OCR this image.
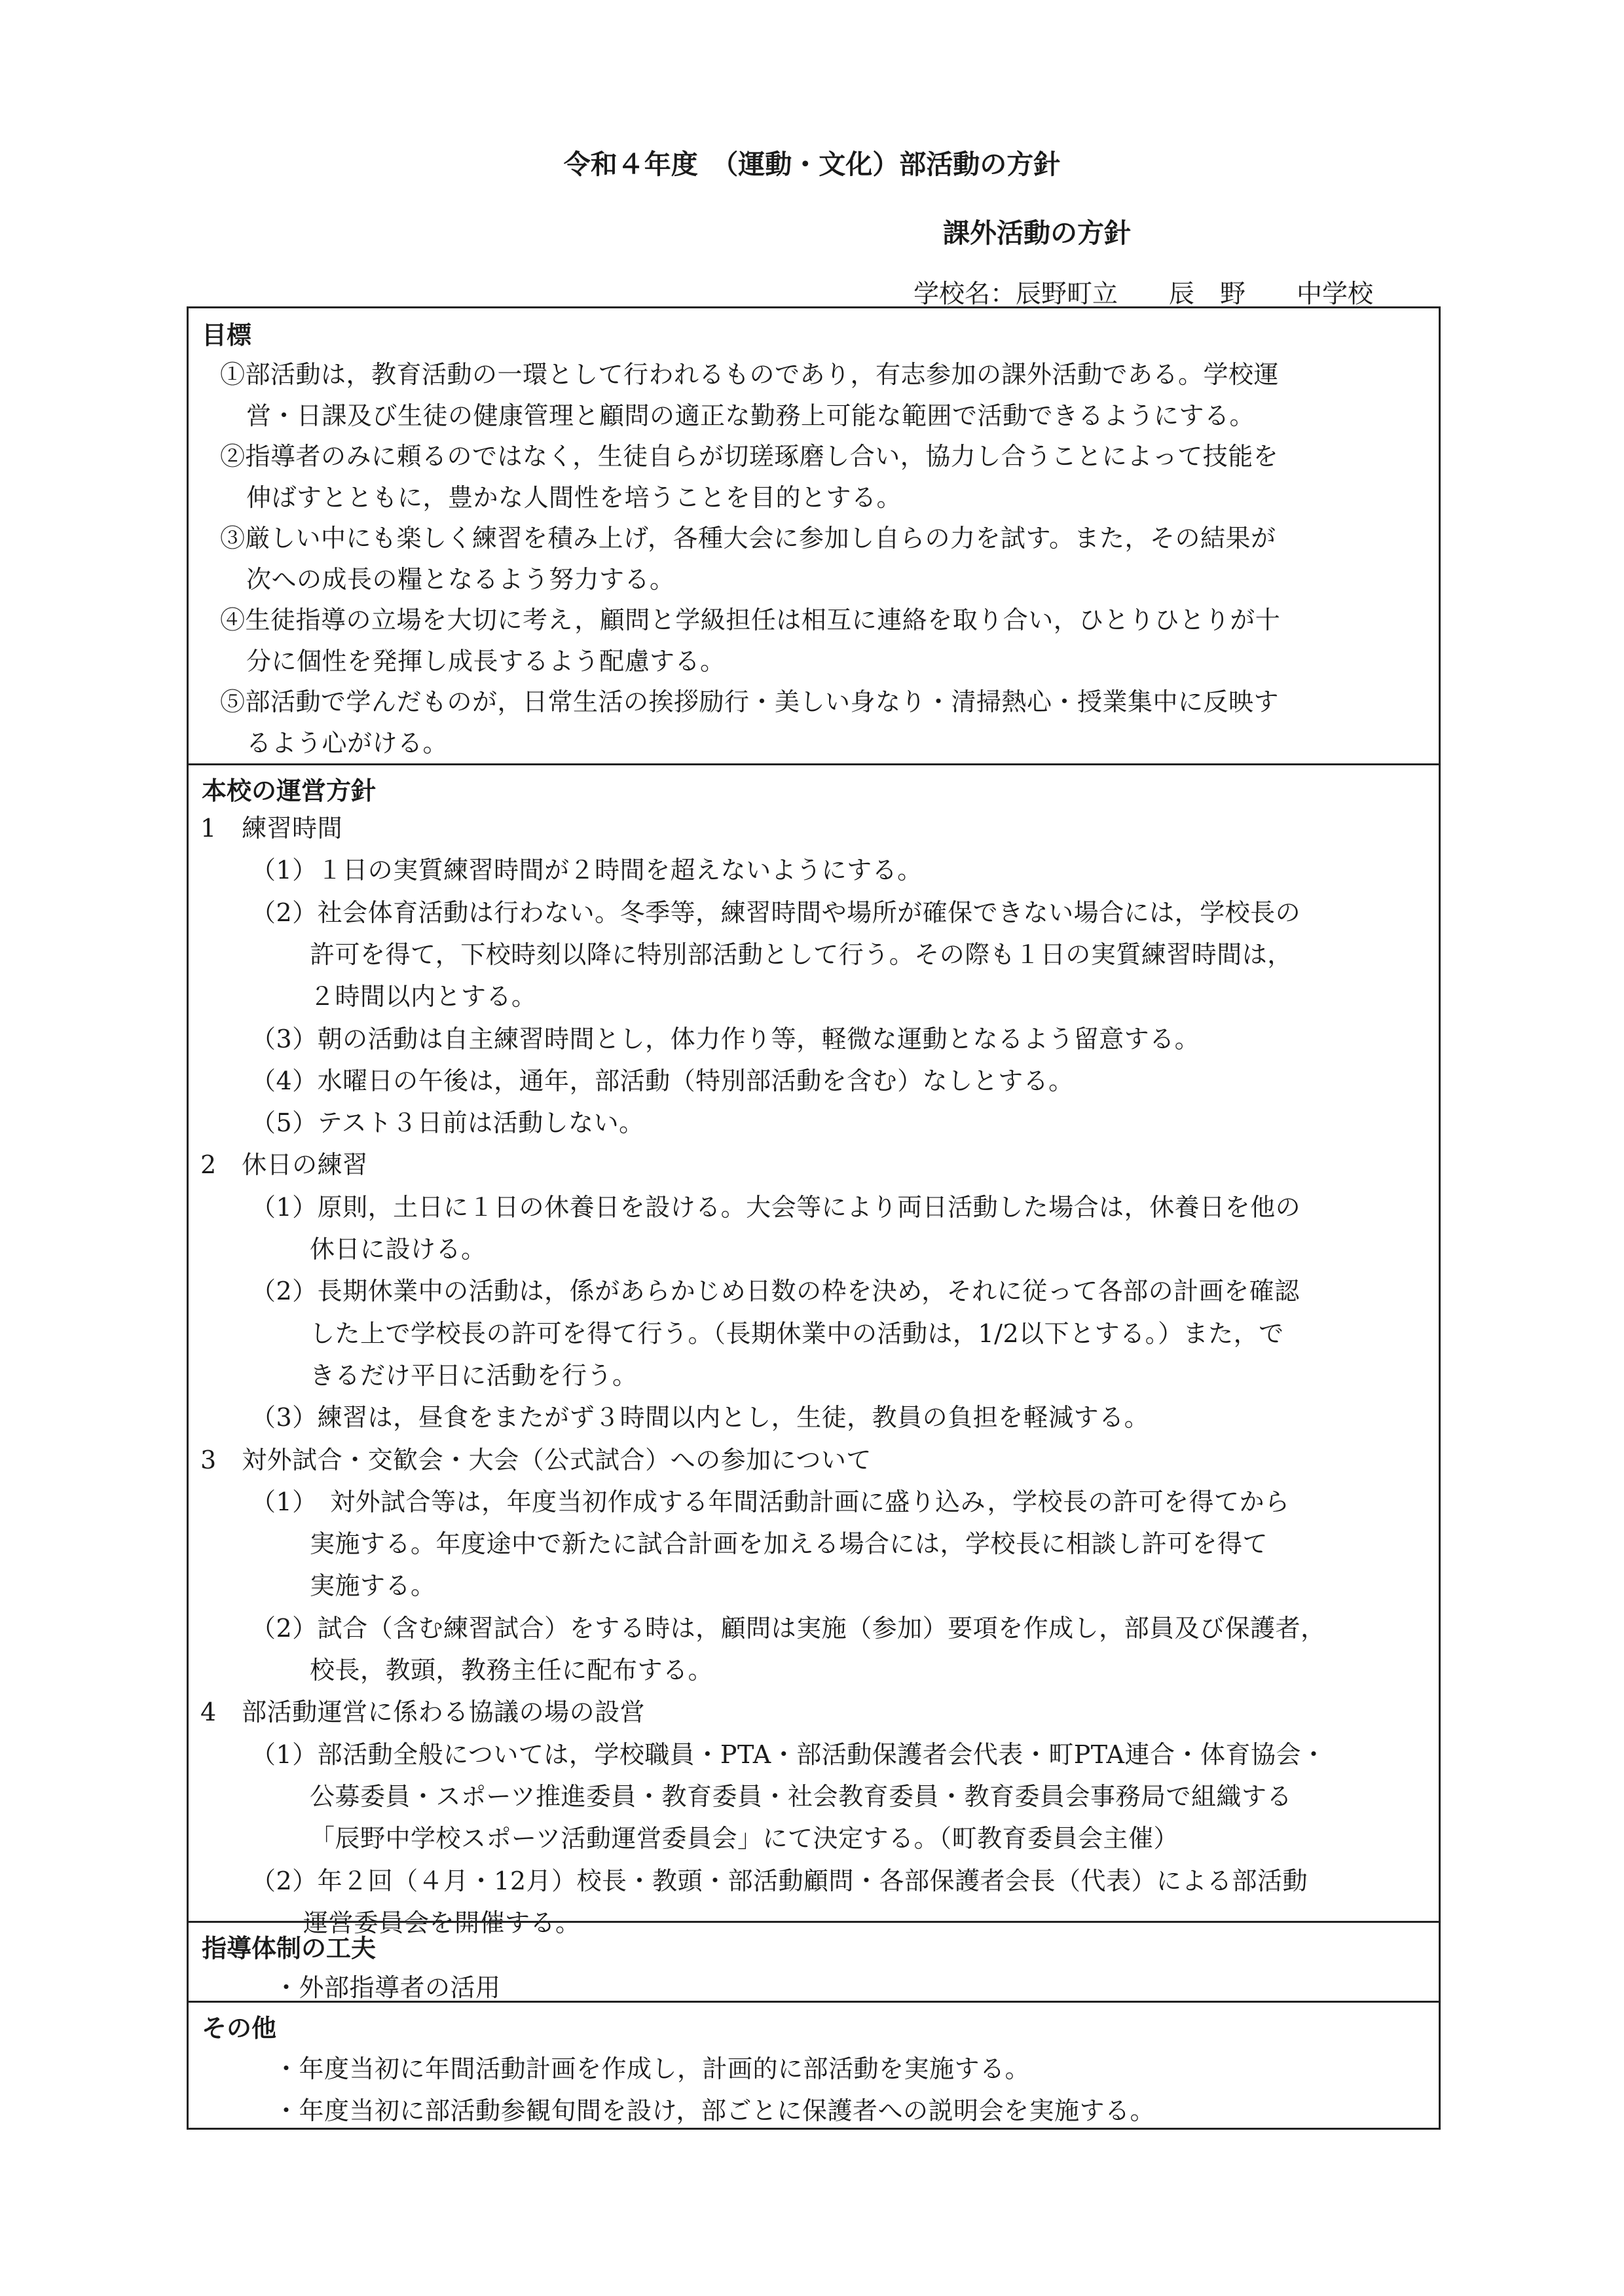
令和４年度　（運動・文化）部活動の方針
課外活動の方針
学校名：辰野町立　　辰　野　　中学校
目標
①部活動は，教育活動の一環として行われるものであり，有志参加の課外活動である。学校運
営・日課及び生徒の健康管理と顧問の適正な勤務上可能な範囲で活動できるようにする。
②指導者のみに頼るのではなく，生徒自らが切瑳琢磨し合い，協力し合うことによって技能を
伸ばすとともに，豊かな人間性を培うことを目的とする。
③厳しい中にも楽しく練習を積み上げ，各種大会に参加し自らの力を試す。また，その結果が
次への成長の糧となるよう努力する。
④生徒指導の立場を大切に考え，顧問と学級担任は相互に連絡を取り合い，ひとりひとりが十
分に個性を発揮し成長するよう配慮する。
⑤部活動で学んだものが，日常生活の挨拶励行・美しい身なり・清掃熱心・授業集中に反映す
るよう心がける。
本校の運営方針
1　練習時間
（1）１日の実質練習時間が２時間を超えないようにする。
（2）社会体育活動は行わない。冬季等，練習時間や場所が確保できない場合には，学校長の
許可を得て，下校時刻以降に特別部活動として行う。その際も１日の実質練習時間は，
２時間以内とする。
（3）朝の活動は自主練習時間とし，体力作り等，軽微な運動となるよう留意する。
（4）水曜日の午後は，通年，部活動（特別部活動を含む）なしとする。
（5）テスト３日前は活動しない。
2　休日の練習
（1）原則，土日に１日の休養日を設ける。大会等により両日活動した場合は，休養日を他の
休日に設ける。
（2）長期休業中の活動は，係があらかじめ日数の枠を決め，それに従って各部の計画を確認
した上で学校長の許可を得て行う。（長期休業中の活動は，1/2以下とする。）また，で
きるだけ平日に活動を行う。
（3）練習は，昼食をまたがず３時間以内とし，生徒，教員の負担を軽減する。
3　対外試合・交歓会・大会（公式試合）への参加について
（1）　対外試合等は，年度当初作成する年間活動計画に盛り込み，学校長の許可を得てから
実施する。年度途中で新たに試合計画を加える場合には，学校長に相談し許可を得て
実施する。
（2）試合（含む練習試合）をする時は，顧問は実施（参加）要項を作成し，部員及び保護者，
校長，教頭，教務主任に配布する。
4　部活動運営に係わる協議の場の設営
（1）部活動全般については，学校職員・PTA・部活動保護者会代表・町PTA連合・体育協会・
公募委員・スポーツ推進委員・教育委員・社会教育委員・教育委員会事務局で組織する
「辰野中学校スポーツ活動運営委員会」にて決定する。（町教育委員会主催）
（2）年２回（４月・12月）校長・教頭・部活動顧問・各部保護者会長（代表）による部活動
運営委員会を開催する。
指導体制の工夫
・外部指導者の活用
その他
・年度当初に年間活動計画を作成し，計画的に部活動を実施する。
・年度当初に部活動参観旬間を設け，部ごとに保護者への説明会を実施する。
